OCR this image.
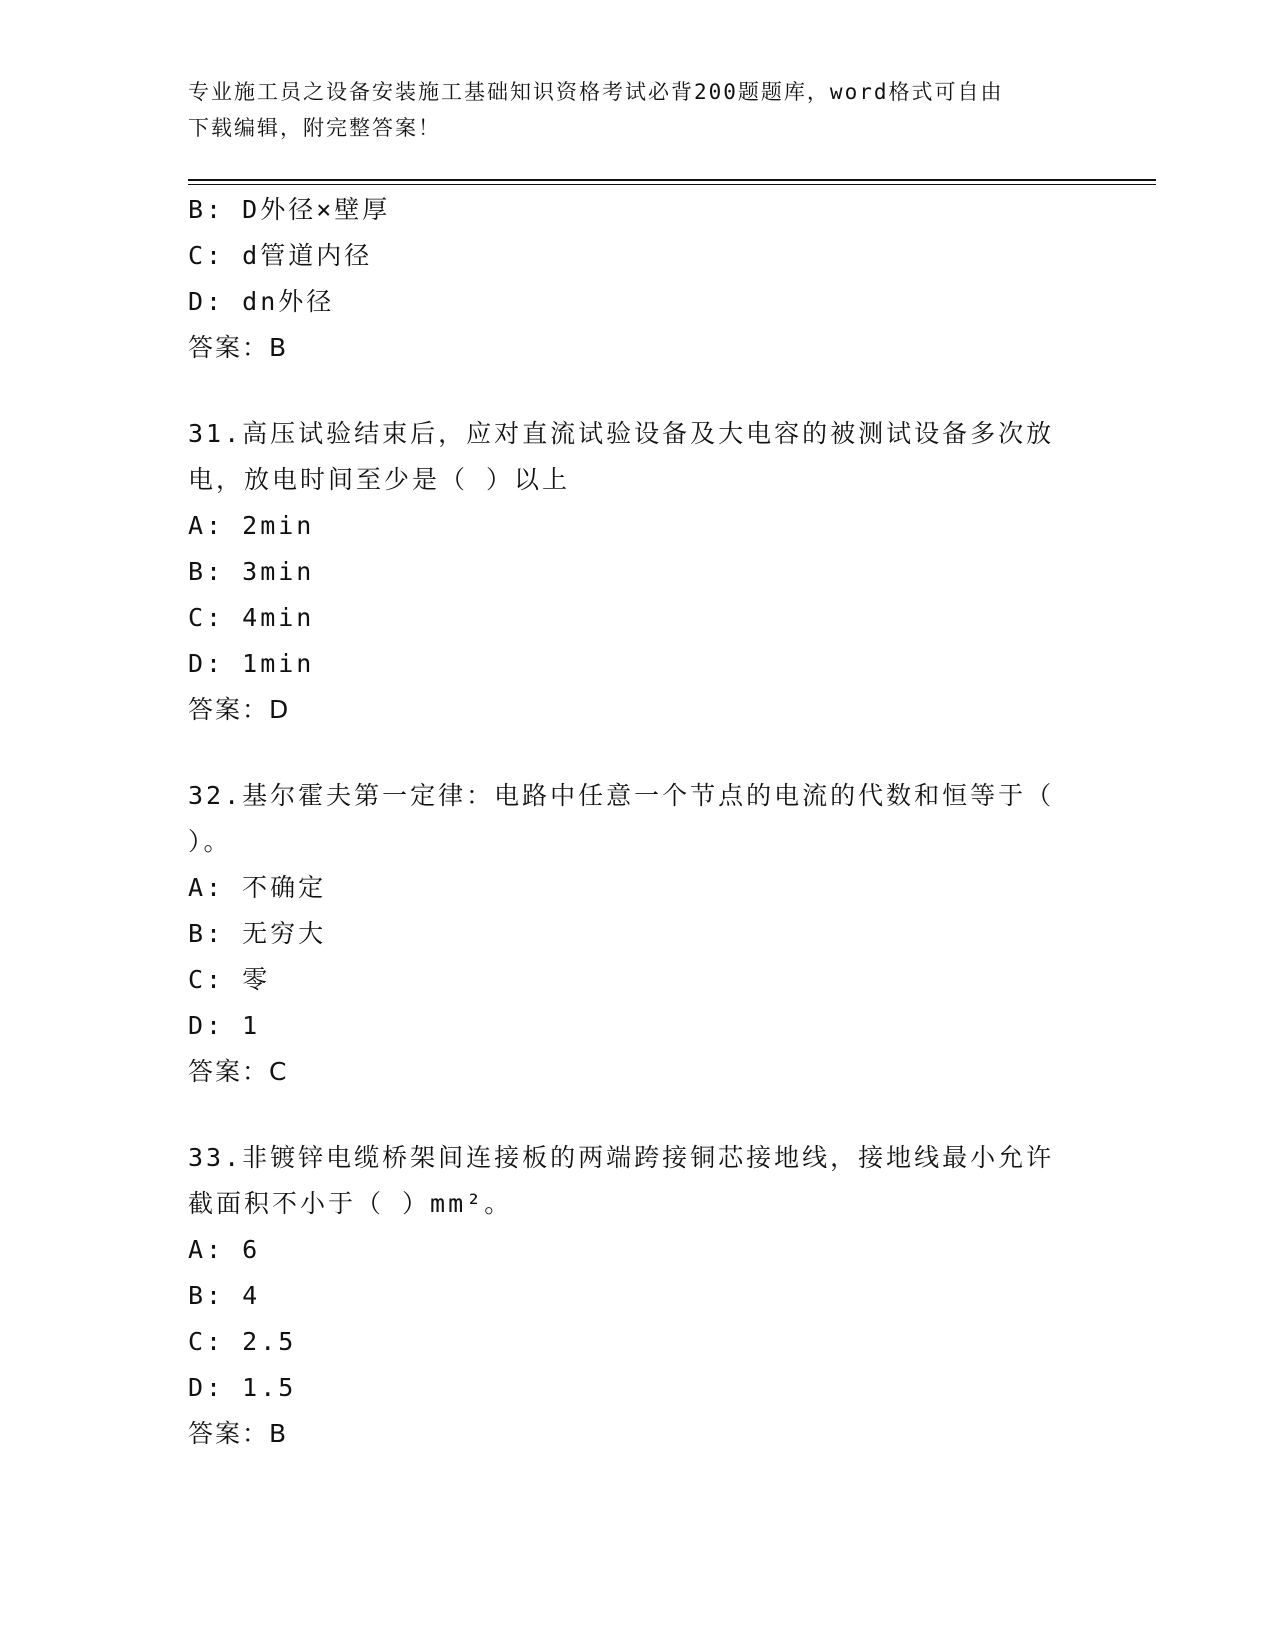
专业施工员之设备安装施工基础知识资格考试必背200题题库，word格式可自由
下载编辑，附完整答案！
B: D外径×壁厚
C: d管道内径
D: dn外径
答案：B
31.高压试验结束后，应对直流试验设备及大电容的被测试设备多次放
电，放电时间至少是（ ）以上
A: 2min
B: 3min
C: 4min
D: 1min
答案：D
32.基尔霍夫第一定律：电路中任意一个节点的电流的代数和恒等于（
）。
A: 不确定
B: 无穷大
C: 零
D: 1
答案：C
33.非镀锌电缆桥架间连接板的两端跨接铜芯接地线，接地线最小允许
截面积不小于（ ）mm²。
A: 6
B: 4
C: 2.5
D: 1.5
答案：B
